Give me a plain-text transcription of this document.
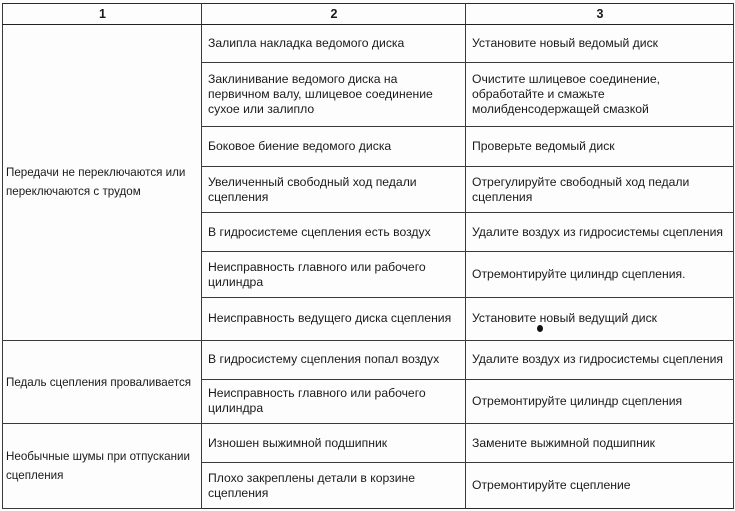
1	2	3
Передачи не переключаются или переключаются с трудом	Залипла накладка ведомого диска	Установите новый ведомый диск
	Заклинивание ведомого диска на первичном валу, шлицевое соединение сухое или залипло	Очистите шлицевое соединение, обработайте и смажьте молибденсодержащей смазкой
	Боковое биение ведомого диска	Проверьте ведомый диск
	Увеличенный свободный ход педали сцепления	Отрегулируйте свободный ход педали сцепления
	В гидросистеме сцепления есть воздух	Удалите воздух из гидросистемы сцепления
	Неисправность главного или рабочего цилиндра	Отремонтируйте цилиндр сцепления.
	Неисправность ведущего диска сцепления	Установите новый ведущий диск
Педаль сцепления проваливается	В гидросистему сцепления попал воздух	Удалите воздух из гидросистемы сцепления
	Неисправность главного или рабочего цилиндра	Отремонтируйте цилиндр сцепления
Необычные шумы при отпускании сцепления	Изношен выжимной подшипник	Замените выжимной подшипник
	Плохо закреплены детали в корзине сцепления	Отремонтируйте сцепление
